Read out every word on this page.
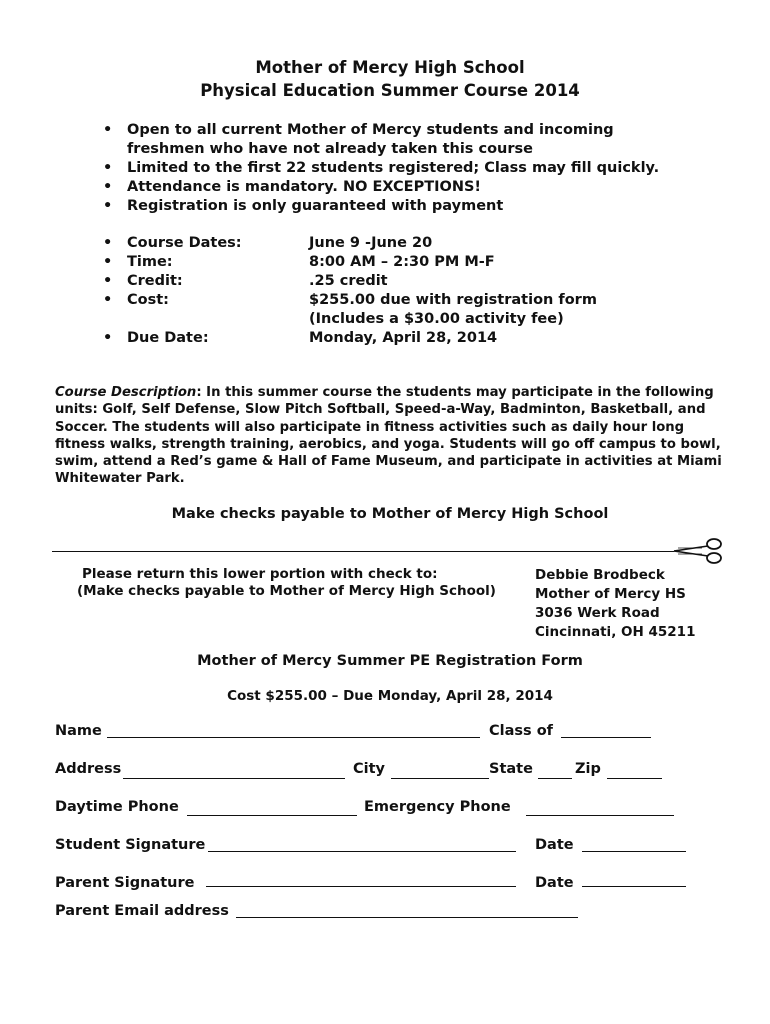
Mother of Mercy High School
Physical Education Summer Course 2014
• Open to all current Mother of Mercy students and incoming
freshmen who have not already taken this course
• Limited to the first 22 students registered; Class may fill quickly.
• Attendance is mandatory. NO EXCEPTIONS!
• Registration is only guaranteed with payment
• Course Dates:	June 9 -June 20
• Time:	8:00 AM – 2:30 PM M-F
• Credit:	.25 credit
• Cost:	$255.00 due with registration form
(Includes a $30.00 activity fee)
• Due Date:	Monday, April 28, 2014
Course Description: In this summer course the students may participate in the following units: Golf, Self Defense, Slow Pitch Softball, Speed-a-Way, Badminton, Basketball, and Soccer. The students will also participate in fitness activities such as daily hour long fitness walks, strength training, aerobics, and yoga. Students will go off campus to bowl, swim, attend a Red’s game & Hall of Fame Museum, and participate in activities at Miami Whitewater Park.
Make checks payable to Mother of Mercy High School
Please return this lower portion with check to:
(Make checks payable to Mother of Mercy High School)
Debbie Brodbeck
Mother of Mercy HS
3036 Werk Road
Cincinnati, OH 45211
Mother of Mercy Summer PE Registration Form
Cost $255.00 – Due Monday, April 28, 2014
Name	Class of
Address	City	State	Zip
Daytime Phone	Emergency Phone
Student Signature	Date
Parent Signature	Date
Parent Email address
